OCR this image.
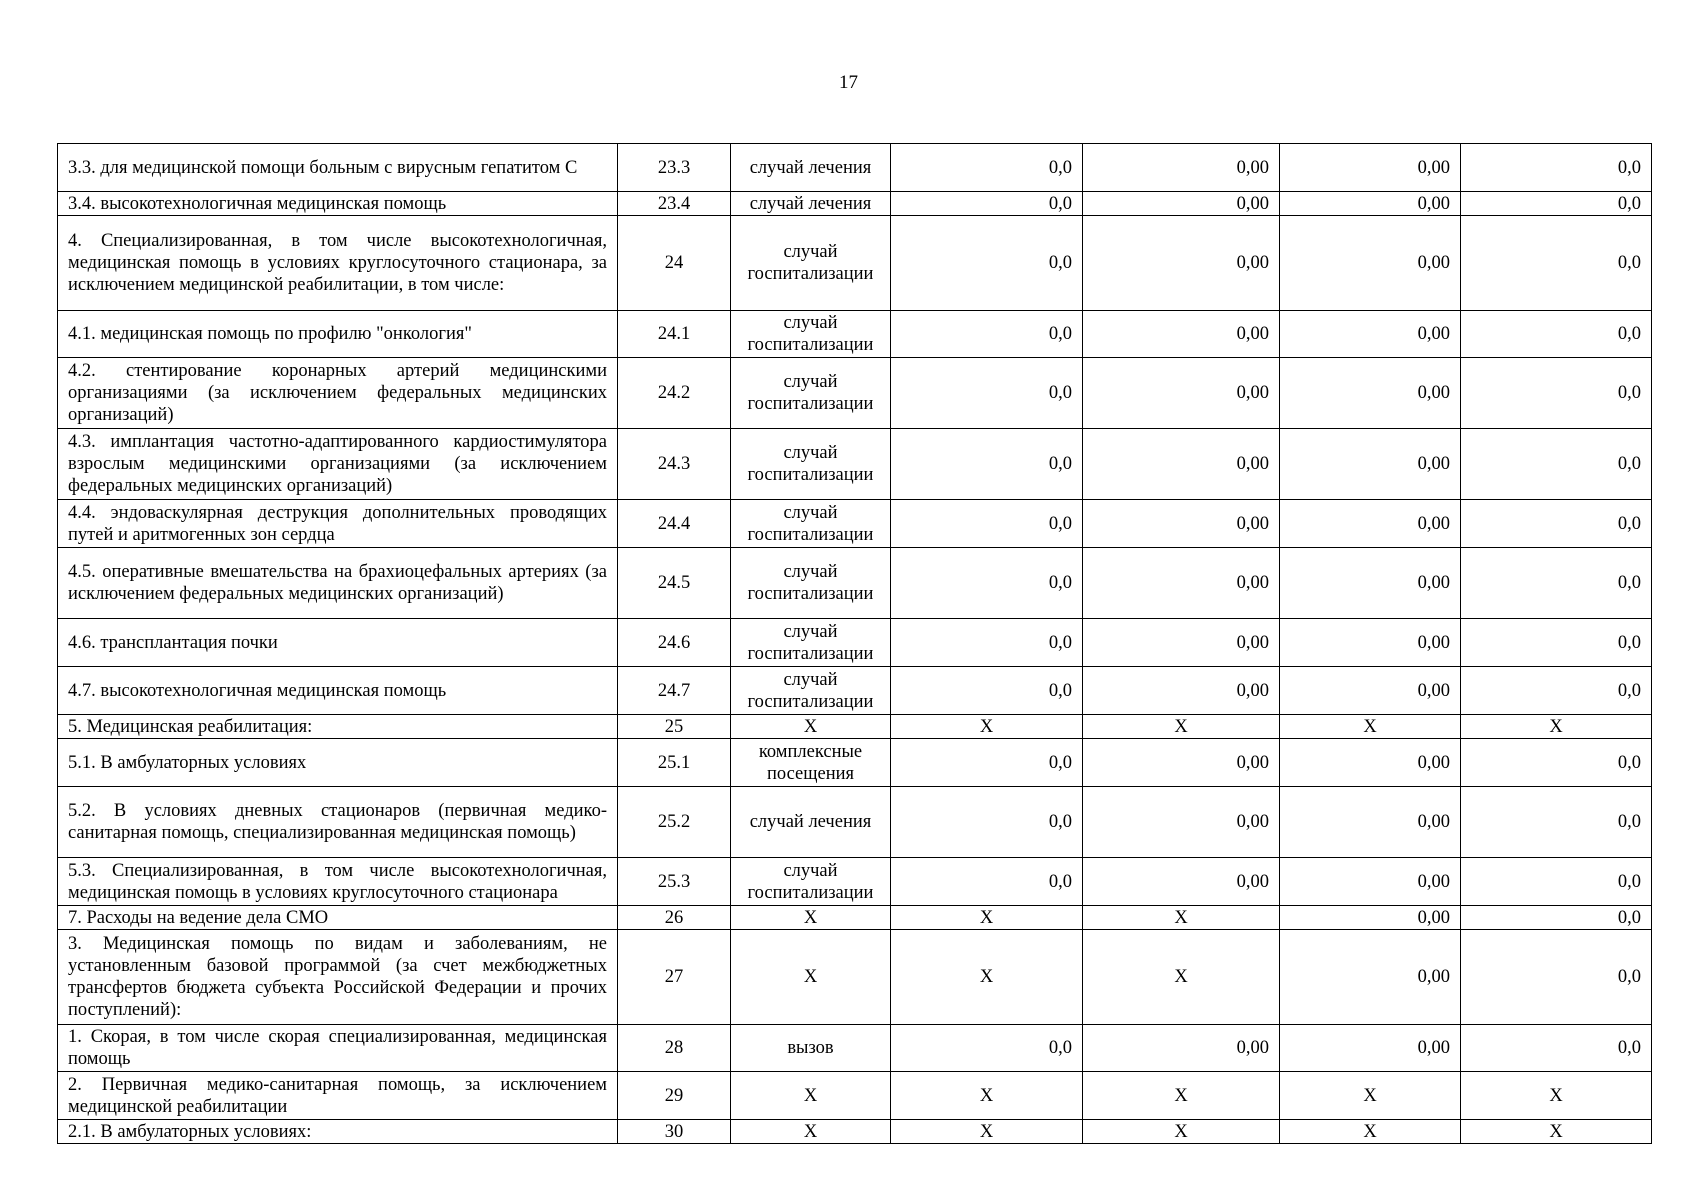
17
3.3. для медицинской помощи больным с вирусным гепатитом С	23.3	случай лечения	0,0	0,00	0,00	0,0
3.4. высокотехнологичная медицинская помощь	23.4	случай лечения	0,0	0,00	0,00	0,0
4. Специализированная, в том числе высокотехнологичная, медицинская помощь в условиях круглосуточного стационара, за исключением медицинской реабилитации, в том числе:	24	случай госпитализации	0,0	0,00	0,00	0,0
4.1. медицинская помощь по профилю "онкология"	24.1	случай госпитализации	0,0	0,00	0,00	0,0
4.2. стентирование коронарных артерий медицинскими организациями (за исключением федеральных медицинских организаций)	24.2	случай госпитализации	0,0	0,00	0,00	0,0
4.3. имплантация частотно-адаптированного кардиостимулятора взрослым медицинскими организациями (за исключением федеральных медицинских организаций)	24.3	случай госпитализации	0,0	0,00	0,00	0,0
4.4. эндоваскулярная деструкция дополнительных проводящих путей и аритмогенных зон сердца	24.4	случай госпитализации	0,0	0,00	0,00	0,0
4.5. оперативные вмешательства на брахиоцефальных артериях (за исключением федеральных медицинских организаций)	24.5	случай госпитализации	0,0	0,00	0,00	0,0
4.6. трансплантация почки	24.6	случай госпитализации	0,0	0,00	0,00	0,0
4.7. высокотехнологичная медицинская помощь	24.7	случай госпитализации	0,0	0,00	0,00	0,0
5. Медицинская реабилитация:	25	X	X	X	X	X
5.1. В амбулаторных условиях	25.1	комплексные посещения	0,0	0,00	0,00	0,0
5.2. В условиях дневных стационаров (первичная медико-санитарная помощь, специализированная медицинская помощь)	25.2	случай лечения	0,0	0,00	0,00	0,0
5.3. Специализированная, в том числе высокотехнологичная, медицинская помощь в условиях круглосуточного стационара	25.3	случай госпитализации	0,0	0,00	0,00	0,0
7. Расходы на ведение дела СМО	26	X	X	X	0,00	0,0
3. Медицинская помощь по видам и заболеваниям, не установленным базовой программой (за счет межбюджетных трансфертов бюджета субъекта Российской Федерации и прочих поступлений):	27	X	X	X	0,00	0,0
1. Скорая, в том числе скорая специализированная, медицинская помощь	28	вызов	0,0	0,00	0,00	0,0
2. Первичная медико-санитарная помощь, за исключением медицинской реабилитации	29	X	X	X	X	X
2.1. В амбулаторных условиях:	30	X	X	X	X	X
